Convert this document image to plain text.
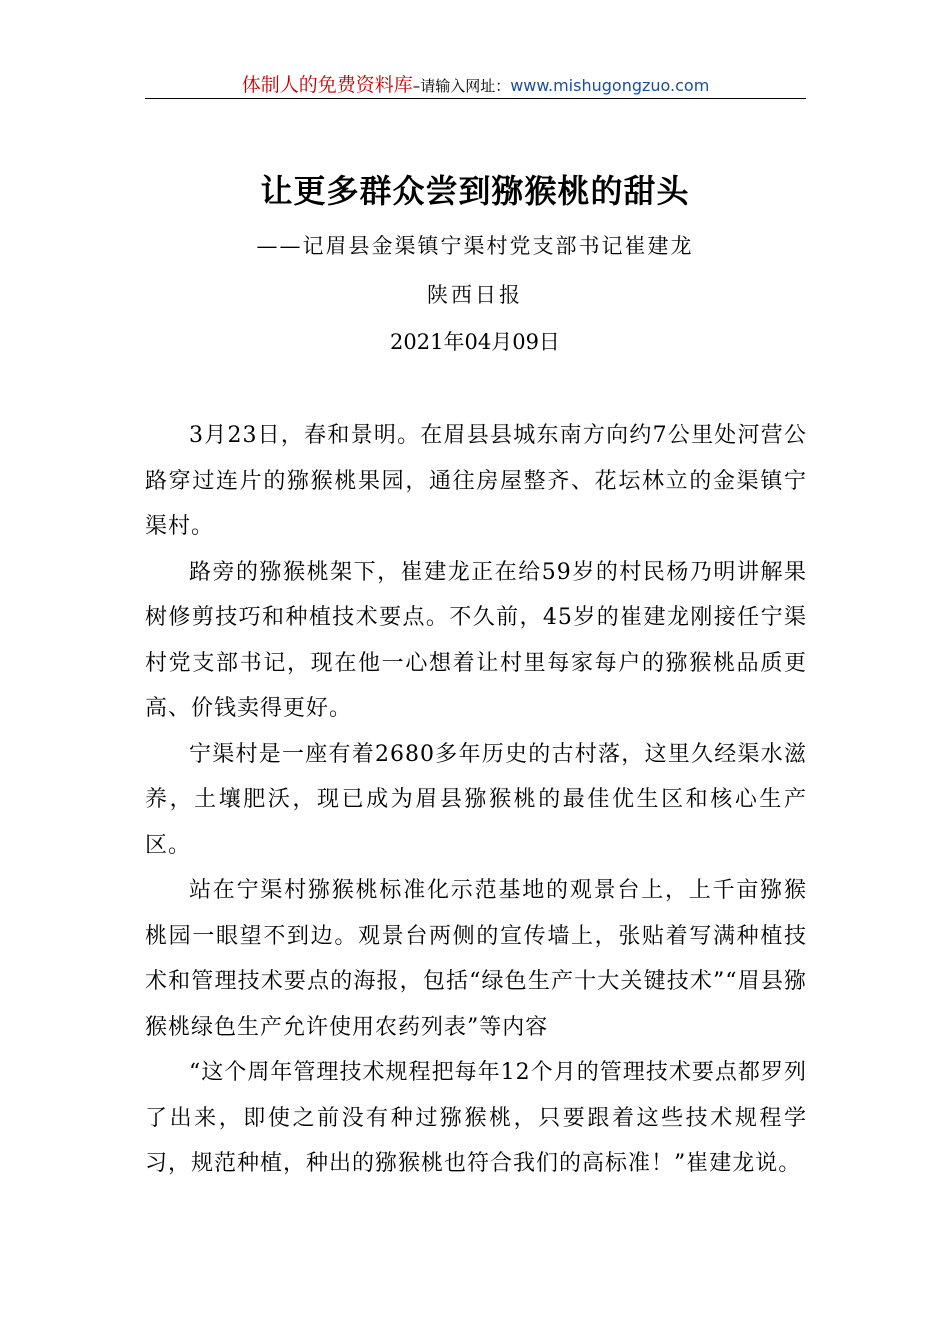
体制人的免费资料库–请输入网址：www.mishugongzuo.com
让更多群众尝到猕猴桃的甜头
——记眉县金渠镇宁渠村党支部书记崔建龙
陕西日报
2021年04月09日

3月23日，春和景明。在眉县县城东南方向约7公里处河营公路穿过连片的猕猴桃果园，通往房屋整齐、花坛林立的金渠镇宁渠村。

路旁的猕猴桃架下，崔建龙正在给59岁的村民杨乃明讲解果树修剪技巧和种植技术要点。不久前，45岁的崔建龙刚接任宁渠村党支部书记，现在他一心想着让村里每家每户的猕猴桃品质更高、价钱卖得更好。

宁渠村是一座有着2680多年历史的古村落，这里久经渠水滋养，土壤肥沃，现已成为眉县猕猴桃的最佳优生区和核心生产区。

站在宁渠村猕猴桃标准化示范基地的观景台上，上千亩猕猴桃园一眼望不到边。观景台两侧的宣传墙上，张贴着写满种植技术和管理技术要点的海报，包括“绿色生产十大关键技术”“眉县猕猴桃绿色生产允许使用农药列表”等内容

“这个周年管理技术规程把每年12个月的管理技术要点都罗列了出来，即使之前没有种过猕猴桃，只要跟着这些技术规程学习，规范种植，种出的猕猴桃也符合我们的高标准！”崔建龙说。
